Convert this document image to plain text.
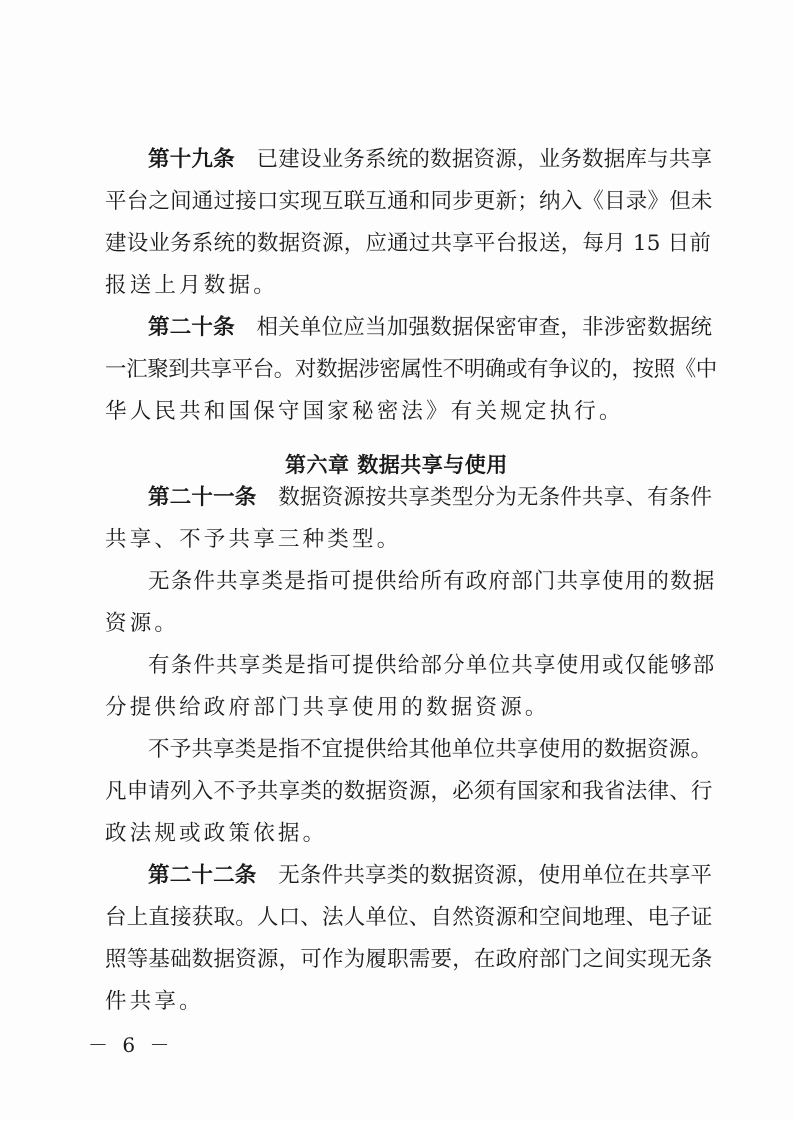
第十九条  已建设业务系统的数据资源，业务数据库与共享
平台之间通过接口实现互联互通和同步更新；纳入《目录》但未
建设业务系统的数据资源，应通过共享平台报送，每月 15 日前
报送上月数据。
第二十条  相关单位应当加强数据保密审查，非涉密数据统
一汇聚到共享平台。对数据涉密属性不明确或有争议的，按照《中
华人民共和国保守国家秘密法》有关规定执行。
第六章 数据共享与使用
第二十一条  数据资源按共享类型分为无条件共享、有条件
共享、不予共享三种类型。
无条件共享类是指可提供给所有政府部门共享使用的数据
资源。
有条件共享类是指可提供给部分单位共享使用或仅能够部
分提供给政府部门共享使用的数据资源。
不予共享类是指不宜提供给其他单位共享使用的数据资源。
凡申请列入不予共享类的数据资源，必须有国家和我省法律、行
政法规或政策依据。
第二十二条  无条件共享类的数据资源，使用单位在共享平
台上直接获取。人口、法人单位、自然资源和空间地理、电子证
照等基础数据资源，可作为履职需要，在政府部门之间实现无条
件共享。
－ 6 －
